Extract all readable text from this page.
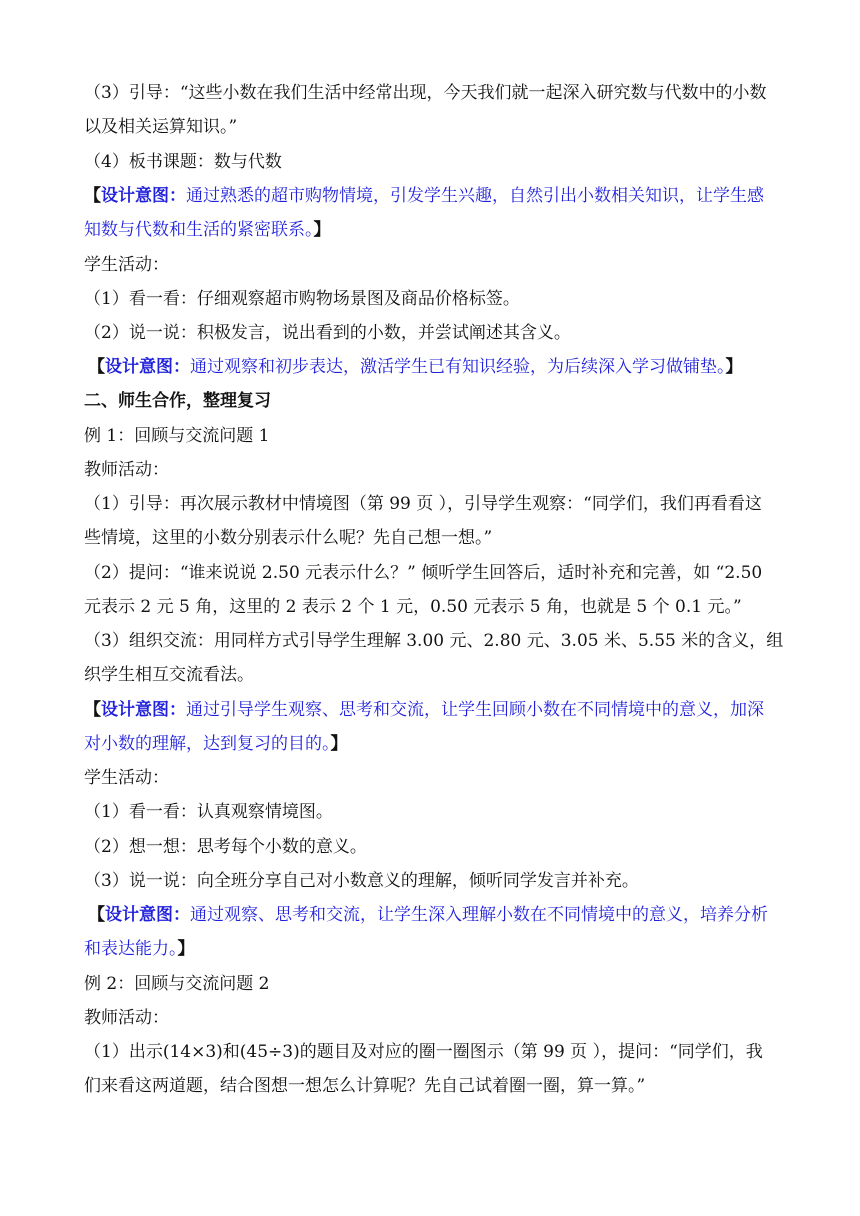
（3）引导：“这些小数在我们生活中经常出现，今天我们就一起深入研究数与代数中的小数
以及相关运算知识。”
（4）板书课题：数与代数
【设计意图：通过熟悉的超市购物情境，引发学生兴趣，自然引出小数相关知识，让学生感
知数与代数和生活的紧密联系。】
学生活动：
（1）看一看：仔细观察超市购物场景图及商品价格标签。
（2）说一说：积极发言，说出看到的小数，并尝试阐述其含义。
【设计意图：通过观察和初步表达，激活学生已有知识经验，为后续深入学习做铺垫。】
二、师生合作，整理复习
例 1：回顾与交流问题 1
教师活动：
（1）引导：再次展示教材中情境图（第 99 页 ），引导学生观察：“同学们，我们再看看这
些情境，这里的小数分别表示什么呢？先自己想一想。”
（2）提问：“谁来说说 2.50 元表示什么？” 倾听学生回答后，适时补充和完善，如 “2.50
元表示 2 元 5 角，这里的 2 表示 2 个 1 元，0.50 元表示 5 角，也就是 5 个 0.1 元。”
（3）组织交流：用同样方式引导学生理解 3.00 元、2.80 元、3.05 米、5.55 米的含义，组
织学生相互交流看法。
【设计意图：通过引导学生观察、思考和交流，让学生回顾小数在不同情境中的意义，加深
对小数的理解，达到复习的目的。】
学生活动：
（1）看一看：认真观察情境图。
（2）想一想：思考每个小数的意义。
（3）说一说：向全班分享自己对小数意义的理解，倾听同学发言并补充。
【设计意图：通过观察、思考和交流，让学生深入理解小数在不同情境中的意义，培养分析
和表达能力。】
例 2：回顾与交流问题 2
教师活动：
（1）出示(14×3)和(45÷3)的题目及对应的圈一圈图示（第 99 页 ），提问：“同学们，我
们来看这两道题，结合图想一想怎么计算呢？先自己试着圈一圈，算一算。”
